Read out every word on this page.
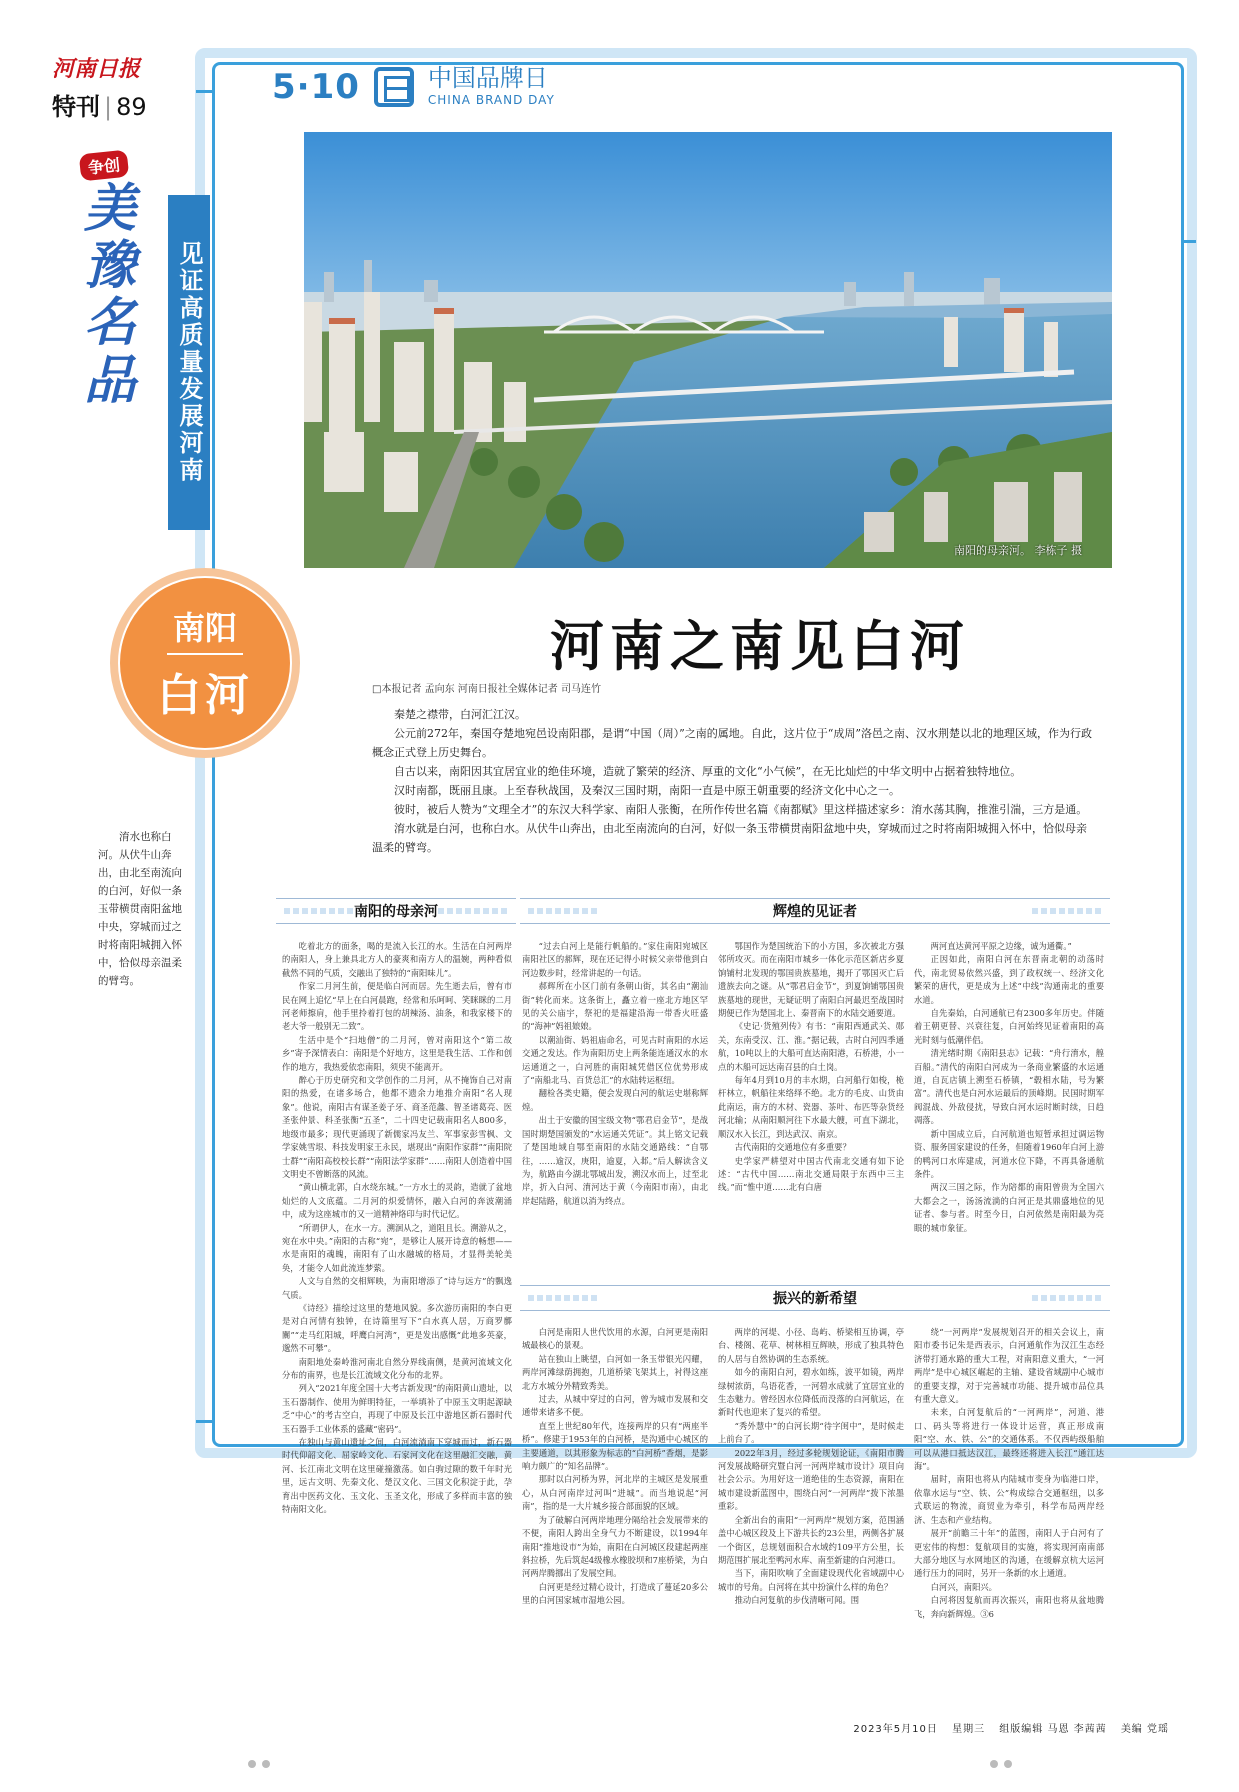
河南日报
特刊 | 89
5·10	中国品牌日
CHINA BRAND DAY
争创
美豫名品	见证高质量发展河南
南阳的母亲河。 李栋子 摄
南阳
白河
河南之南见白河
□本报记者 孟向东 河南日报社全媒体记者 司马连竹

秦楚之襟带，白河汇江汉。

公元前272年，秦国夺楚地宛邑设南阳郡，是谓“中国（周）”之南的属地。自此，这片位于“成周”洛邑之南、汉水荆楚以北的地理区域，作为行政概念正式登上历史舞台。

自古以来，南阳因其宜居宜业的绝佳环境，造就了繁荣的经济、厚重的文化“小气候”，在无比灿烂的中华文明中占据着独特地位。

汉时南都，既丽且康。上至春秋战国，及秦汉三国时期，南阳一直是中原王朝重要的经济文化中心之一。

彼时，被后人赞为“文理全才”的东汉大科学家、南阳人张衡，在所作传世名篇《南都赋》里这样描述家乡：淯水荡其胸，推淮引湍，三方是通。

淯水就是白河，也称白水。从伏牛山奔出，由北至南流向的白河，好似一条玉带横贯南阳盆地中央，穿城而过之时将南阳城拥入怀中，恰似母亲温柔的臂弯。

淯水也称白河。从伏牛山奔出，由北至南流向的白河，好似一条玉带横贯南阳盆地中央，穿城而过之时将南阳城拥入怀中，恰似母亲温柔的臂弯。

南阳的母亲河	辉煌的见证者
振兴的新希望

吃着北方的面条，喝的是流入长江的水。生活在白河两岸的南阳人，身上兼具北方人的豪爽和南方人的温婉，两种看似截然不同的气质，交融出了独特的“南阳味儿”。

作家二月河生前，便是临白河而居。先生逝去后，曾有市民在网上追忆“早上在白河晨跑，经常和乐呵呵、笑眯眯的二月河老师擦肩，他手里拎着打包的胡辣汤、油条，和我家楼下的老大爷一般别无二致”。

生活中是个“扫地僧”的二月河，曾对南阳这个“第二故乡”寄予深情表白：南阳是个好地方，这里是我生活、工作和创作的地方，我热爱依恋南阳，须臾不能离开。

醉心于历史研究和文学创作的二月河，从不掩饰自己对南阳的热爱，在诸多场合，他都不遗余力地推介南阳“名人现象”。他说，南阳古有谋圣姜子牙、商圣范蠡、智圣诸葛亮、医圣张仲景、科圣张衡“五圣”，二十四史记载南阳名人800多，地级市最多；现代更涌现了新儒家冯友兰、军事家彭雪枫、文学家姚雪垠、科技发明家王永民，堪现出“南阳作家群”“南阳院士群”“南阳高校校长群”“南阳法学家群”……南阳人创造着中国文明史不曾断落的风流。

“黄山横北郭，白水绕东城。”一方水土的灵韵，造就了盆地灿烂的人文底蕴。二月河的炽爱情怀，融入白河的奔波潮涌中，成为这座城市的又一道精神烙印与时代记忆。

“所谓伊人，在水一方。溯洄从之，道阻且长。溯游从之，宛在水中央。”南阳的古称“宛”，是够让人展开诗意的畅想——水是南阳的魂魄，南阳有了山水融城的格局，才显得美轮美奂，才能令人如此流连梦萦。

人文与自然的交相辉映，为南阳增添了“诗与远方”的飘逸气质。

《诗经》描绘过这里的楚地风貌。多次游历南阳的李白更是对白河情有独钟，在诗篇里写下“白水真人居，万商罗鄽闤”“走马红阳城，呼鹰白河湾”，更是发出感慨“此地多英豪，邈然不可攀”。

南阳地处秦岭淮河南北自然分界线南侧，是黄河流域文化分布的南界，也是长江流域文化分布的北界。

列入“2021年度全国十大考古新发现”的南阳黄山遗址，以玉石器制作、使用为鲜明特征，一举填补了中原玉文明起源缺乏“中心”的考古空白，再现了中原及长江中游地区新石器时代玉石器手工业体系的盛藏“密码”。

在独山与黄山遗址之间，白河流淌南下穿城而过，新石器时代仰韶文化、屈家岭文化、石家河文化在这里融汇交融，黄河、长江南北文明在这里碰撞激荡。如白驹过隙的数千年时光里，远古文明、先秦文化、楚汉文化、三国文化积淀于此，孕育出中医药文化、玉文化、玉圣文化，形成了多样而丰富的独特南阳文化。

“过去白河上是能行帆船的。”家住南阳宛城区南阳社区的郝辉，现在还记得小时候父亲带他到白河边数步时，经常讲起的一句话。

郝辉所在小区门前有条朝山街，其名由“潮汕街”转化而来。这条街上，矗立着一座北方地区罕见的关公庙宇，祭祀的是福建沿海一带香火旺盛的“海神”妈祖娘娘。

以潮汕街、妈祖庙命名，可见古时南阳的水运交通之发达。作为南阳历史上两条能连通汉水的水运通道之一，白河胜的南阳城凭借区位优势形成了“南船北马、百货总汇”的水陆转运枢纽。

翻检各类史籍，便会发现白河的航运史堪称辉煌。

出土于安徽的国宝级文物“鄂君启金节”，是战国时期楚国颁发的“水运通关凭证”。其上铭文记载了楚国地域自鄂至南阳的水陆交通路线：“自鄂往，……逾汉，庚阳，逾夏，入邶。”后人解读含义为，航路由今湖北鄂城出发，溯汉水而上，过至北岸，折入白河、淯河达于黄（今南阳市南），由北岸起陆路，航道以消为终点。

鄂国作为楚国统治下的小方国，多次被北方强邻所攻灭。而在南阳市城乡一体化示范区新店乡夏饷铺村北发现的鄂国贵族墓地，揭开了鄂国灭亡后遗族去向之谜。从“鄂君启金节”，到夏饷铺鄂国贵族墓地的现世，无疑证明了南阳白河最迟至战国时期便已作为楚国北上、秦晋南下的水陆交通要道。

《史记·货殖列传》有书：“南阳西通武关、郧关，东南受汉、江、淮。”据记载，古时白河四季通航，10吨以上的大船可直达南阳港，石桥港，小一点的木船可远达南召县的白土岗。

每年4月到10月的丰水期，白河船行如梭，桅杆林立，帆船往来络绎不绝。北方的毛皮、山货由此南运，南方的木材、瓷器、茶叶、布匹等杂货经河北输；从南阳顺河往下水最大艘，可直下湖北，顺汉水入长江，到达武汉、南京。

古代南阳的交通地位有多重要？

史学家严耕望对中国古代南北交通有如下论述：“古代中国……南北交通局限于东西中三主线。”而“惟中道……北有白唐

两河直达黄河平原之边缘，诚为通衢。”

正因如此，南阳白河在东晋南北朝的动荡时代，南北贸易依然兴盛，到了政权统一、经济文化繁荣的唐代，更是成为上述“中线”沟通南北的重要水道。

自先秦始，白河通航已有2300多年历史。伴随着王朝更替、兴衰往复，白河始终见证着南阳的高光时刻与低潮伴侣。

清光绪时期《南阳县志》记载：“舟行淯水，艎百船。”清代的南阳白河成为一条商业繁盛的水运通道，自瓦店镇上溯至石桥镇，“毂相水陆，号为繁富”。清代也是白河水运最后的顶峰期。民国时期军阀混战、外敌侵扰，导致白河水运时断时续，日趋凋落。

新中国成立后，白河航道也短暂承担过调运物资、服务国家建设的任务，但随着1960年白河上游的鸭河口水库建成，河道水位下降，不再具备通航条件。

两汉三国之际，作为陪都的南阳曾贵为全国六大都会之一，汤汤流淌的白河正是其鼎盛地位的见证者、参与者。时至今日，白河依然是南阳最为亮眼的城市象征。

白河是南阳人世代饮用的水源，白河更是南阳城最核心的景观。

站在独山上眺望，白河如一条玉带银光闪耀，两岸河滩绿荫拥抱，几道桥梁飞架其上，衬得这座北方水城分外精致秀美。

过去，从城中穿过的白河，曾为城市发展和交通带来诸多不便。

直至上世纪80年代，连接两岸的只有“两座半桥”。修建于1953年的白河桥，是沟通中心城区的主要通道，以其形象为标志的“白河桥”香烟，是影响力颇广的“知名品牌”。

那时以白河桥为界，河北岸的主城区是发展重心，从白河南岸过河叫“进城”。而当地说起“河南”，指的是一大片城乡接合部面貌的区域。

为了破解白河两岸地理分隔给社会发展带来的不便，南阳人跨出全身气力不断建设，以1994年南阳“推地设市”为始，南阳在白河城区段建起两座斜拉桥，先后筑起4级橡水橡胶坝和7座桥梁，为白河两岸腾挪出了发展空间。

白河更是经过精心设计，打造成了蔓延20多公里的白河国家城市湿地公园。

两岸的河堤、小径、岛屿、桥梁相互协调，亭台、楼阁、花草、树林相互辉映，形成了独具特色的人居与自然协调的生态系统。

如今的南阳白河，碧水如练，波平如镜，两岸绿树浓荫，鸟语花香，一河碧水成就了宜居宜业的生态魅力。曾经因水位降低而没落的白河航运，在新时代也迎来了复兴的希望。

“秀外慧中”的白河长期“待字闺中”，是时候走上前台了。

2022年3月，经过多轮规划论证，《南阳市腾河发展战略研究暨白河一河两岸城市设计》项目向社会公示。为用好这一道绝佳的生态资源，南阳在城市建设新蓝图中，围绕白河“一河两岸”拨下浓墨重彩。

全新出台的南阳“一河两岸”规划方案，范围涵盖中心城区段及上下游共长约23公里，两侧各扩展一个街区，总规划面积合水域约109平方公里，长期范围扩展北至鸭河水库、南至新建的白河港口。

当下，南阳吹响了全面建设现代化省域副中心城市的号角。白河将在其中扮演什么样的角色？

推动白河复航的步伐清晰可闻。围

绕“一河两岸”发展规划召开的相关会议上，南阳市委书记朱是西表示，白河通航作为汉江生态经济带打通水路的重大工程，对南阳意义重大，“一河两岸”是中心城区崛起的主轴、建设省域副中心城市的重要支撑，对于完善城市功能、提升城市品位具有重大意义。

未来，白河复航后的“一河两岸”，河道、港口、码头等将进行一体设计运营，真正形成南阳“空、水、铁、公”的交通体系。不仅西屿级船舶可以从港口抵达汉江，最终还将进入长江“通江达海”。

届时，南阳也将从内陆城市变身为临港口岸，依靠水运与“空、铁、公”构成综合交通枢纽，以多式联运的物流，商贸业为牵引，科学布局两岸经济、生态和产业结构。

展开“前瞻三十年”的蓝图，南阳人于白河有了更宏伟的构想：复航项目的实施，将实现河南南部大部分地区与水网地区的沟通，在缓解京杭大运河通行压力的同时，另开一条新的水上通道。

白河兴，南阳兴。

白河将因复航而再次振兴，南阳也将从盆地腾飞，奔向新辉煌。③6

2023年5月10日 星期三 组版编辑 马恩 李茜茜 美编 党瑶
